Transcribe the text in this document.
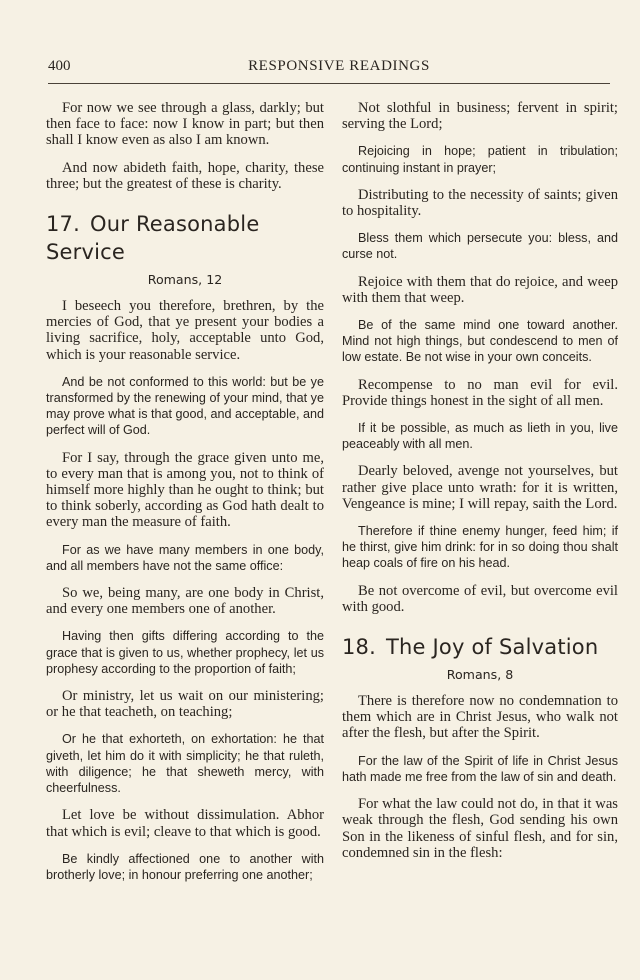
400	RESPONSIVE READINGS

For now we see through a glass, darkly; but then face to face: now I know in part; but then shall I know even as also I am known.

And now abideth faith, hope, charity, these three; but the greatest of these is charity.

17. Our Reasonable Service
Romans, 12

I beseech you therefore, brethren, by the mercies of God, that ye present your bodies a living sacrifice, holy, acceptable unto God, which is your reasonable service.

And be not conformed to this world: but be ye transformed by the renewing of your mind, that ye may prove what is that good, and acceptable, and perfect will of God.

For I say, through the grace given unto me, to every man that is among you, not to think of himself more highly than he ought to think; but to think soberly, according as God hath dealt to every man the measure of faith.

For as we have many members in one body, and all members have not the same office:

So we, being many, are one body in Christ, and every one members one of another.

Having then gifts differing according to the grace that is given to us, whether prophecy, let us prophesy according to the proportion of faith;

Or ministry, let us wait on our ministering; or he that teacheth, on teaching;

Or he that exhorteth, on exhortation: he that giveth, let him do it with simplicity; he that ruleth, with diligence; he that sheweth mercy, with cheerfulness.

Let love be without dissimulation. Abhor that which is evil; cleave to that which is good.

Be kindly affectioned one to another with brotherly love; in honour preferring one another;

Not slothful in business; fervent in spirit; serving the Lord;

Rejoicing in hope; patient in tribulation; continuing instant in prayer;

Distributing to the necessity of saints; given to hospitality.

Bless them which persecute you: bless, and curse not.

Rejoice with them that do rejoice, and weep with them that weep.

Be of the same mind one toward another. Mind not high things, but condescend to men of low estate. Be not wise in your own conceits.

Recompense to no man evil for evil. Provide things honest in the sight of all men.

If it be possible, as much as lieth in you, live peaceably with all men.

Dearly beloved, avenge not yourselves, but rather give place unto wrath: for it is written, Vengeance is mine; I will repay, saith the Lord.

Therefore if thine enemy hunger, feed him; if he thirst, give him drink: for in so doing thou shalt heap coals of fire on his head.

Be not overcome of evil, but overcome evil with good.

18. The Joy of Salvation
Romans, 8

There is therefore now no condemnation to them which are in Christ Jesus, who walk not after the flesh, but after the Spirit.

For the law of the Spirit of life in Christ Jesus hath made me free from the law of sin and death.

For what the law could not do, in that it was weak through the flesh, God sending his own Son in the likeness of sinful flesh, and for sin, condemned sin in the flesh:
